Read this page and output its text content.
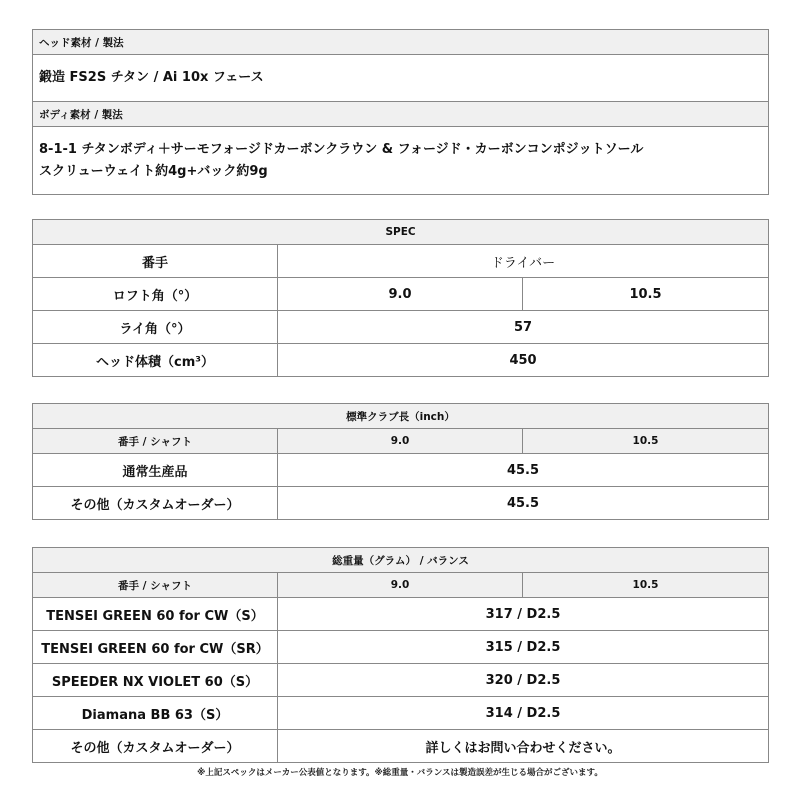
ヘッド素材 / 製法
鍛造 FS2S チタン / Ai 10x フェース
ボディ素材 / 製法

8-1-1 チタンボディ＋サーモフォージドカーボンクラウン & フォージド・カーボンコンポジットソール
スクリューウェイト約4g+バック約9g
SPEC		
番手	ドライバー	
ロフト角（°）	9.0	10.5
ライ角（°）	57	
ヘッド体積（cm³）	450	
標準クラブ長（inch）		
番手 / シャフト	9.0	10.5
通常生産品	45.5	
その他（カスタムオーダー）	45.5	
総重量（グラム） / バランス		
番手 / シャフト	9.0	10.5
TENSEI GREEN 60 for CW（S）	317 / D2.5	
TENSEI GREEN 60 for CW（SR）	315 / D2.5	
SPEEDER NX VIOLET 60（S）	320 / D2.5	
Diamana BB 63（S）	314 / D2.5	
その他（カスタムオーダー）	詳しくはお問い合わせください。	
※上記スペックはメーカー公表値となります。※総重量・バランスは製造誤差が生じる場合がございます。
